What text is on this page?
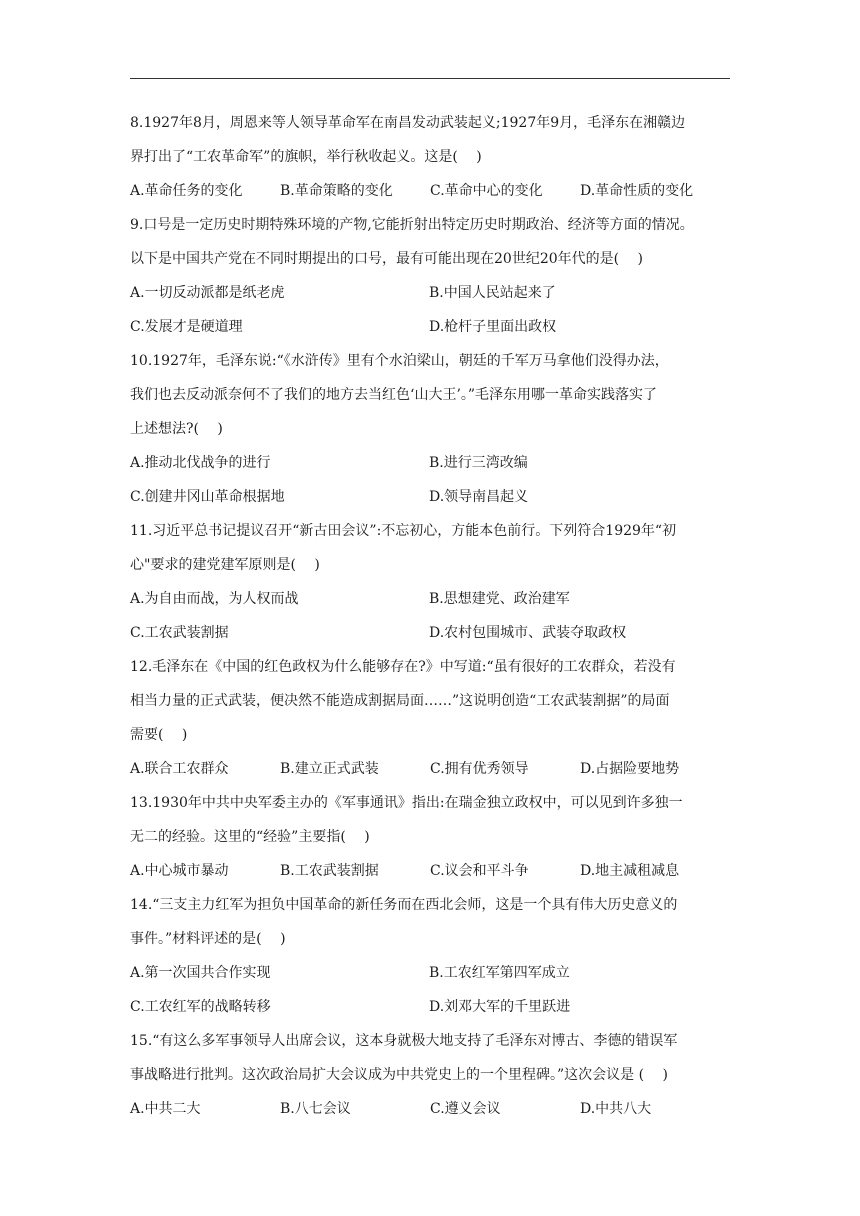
8.1927年8月，周恩来等人领导革命军在南昌发动武装起义;1927年9月，毛泽东在湘赣边

界打出了“工农革命军”的旗帜，举行秋收起义。这是(　 )

A.革命任务的变化	B.革命策略的变化	C.革命中心的变化	D.革命性质的变化

9.口号是一定历史时期特殊环境的产物,它能折射出特定历史时期政治、经济等方面的情况。

以下是中国共产党在不同时期提出的口号，最有可能出现在20世纪20年代的是(　 )

A.一切反动派都是纸老虎	B.中国人民站起来了
C.发展才是硬道理	D.枪杆子里面出政权

10.1927年，毛泽东说:“《水浒传》里有个水泊梁山，朝廷的千军万马拿他们没得办法，

我们也去反动派奈何不了我们的地方去当红色‘山大王’。”毛泽东用哪一革命实践落实了

上述想法?(　 )

A.推动北伐战争的进行	B.进行三湾改编
C.创建井冈山革命根据地	D.领导南昌起义

11.习近平总书记提议召开“新古田会议”:不忘初心，方能本色前行。下列符合1929年“初

心"要求的建党建军原则是(　 )

A.为自由而战，为人权而战	B.思想建党、政治建军
C.工农武装割据	D.农村包围城市、武装夺取政权

12.毛泽东在《中国的红色政权为什么能够存在?》中写道:“虽有很好的工农群众，若没有

相当力量的正式武装，便决然不能造成割据局面……”这说明创造“工农武装割据”的局面

需要(　 )

A.联合工农群众	B.建立正式武装	C.拥有优秀领导	D.占据险要地势

13.1930年中共中央军委主办的《军事通讯》指出:在瑞金独立政权中，可以见到许多独一

无二的经验。这里的“经验”主要指(　 )

A.中心城市暴动	B.工农武装割据	C.议会和平斗争	D.地主减租减息

14.“三支主力红军为担负中国革命的新任务而在西北会师，这是一个具有伟大历史意义的

事件。”材料评述的是(　 )

A.第一次国共合作实现	B.工农红军第四军成立
C.工农红军的战略转移	D.刘邓大军的千里跃进

15.“有这么多军事领导人出席会议，这本身就极大地支持了毛泽东对博古、李德的错误军

事战略进行批判。这次政治局扩大会议成为中共党史上的一个里程碑。”这次会议是 (　 )

A.中共二大	B.八七会议	C.遵义会议	D.中共八大
